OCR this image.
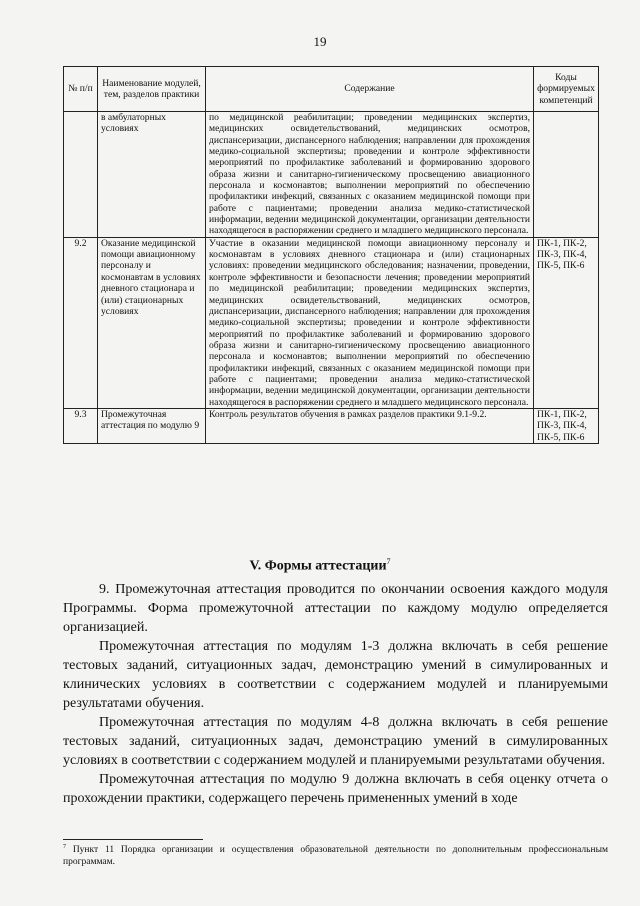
19
№ п/п	Наименование модулей, тем, разделов практики	Содержание	Коды формируемых компетенций
	в амбулаторных условиях	по медицинской реабилитации; проведении медицинских экспертиз, медицинских освидетельствований, медицинских осмотров, диспансеризации, диспансерного наблюдения; направлении для прохождения медико-социальной экспертизы; проведении и контроле эффективности мероприятий по профилактике заболеваний и формированию здорового образа жизни и санитарно-гигиеническому просвещению авиационного персонала и космонавтов; выполнении мероприятий по обеспечению профилактики инфекций, связанных с оказанием медицинской помощи при работе с пациентами; проведении анализа медико-статистической информации, ведении медицинской документации, организации деятельности находящегося в распоряжении среднего и младшего медицинского персонала.	
9.2	Оказание медицинской помощи авиационному персоналу и космонавтам в условиях дневного стационара и (или) стационарных условиях	Участие в оказании медицинской помощи авиационному персоналу и космонавтам в условиях дневного стационара и (или) стационарных условиях: проведении медицинского обследования; назначении, проведении, контроле эффективности и безопасности лечения; проведении мероприятий по медицинской реабилитации; проведении медицинских экспертиз, медицинских освидетельствований, медицинских осмотров, диспансеризации, диспансерного наблюдения; направлении для прохождения медико-социальной экспертизы; проведении и контроле эффективности мероприятий по профилактике заболеваний и формированию здорового образа жизни и санитарно-гигиеническому просвещению авиационного персонала и космонавтов; выполнении мероприятий по обеспечению профилактики инфекций, связанных с оказанием медицинской помощи при работе с пациентами; проведении анализа медико-статистической информации, ведении медицинской документации, организации деятельности находящегося в распоряжении среднего и младшего медицинского персонала.	ПК-1, ПК-2, ПК-3, ПК-4, ПК-5, ПК-6
9.3	Промежуточная аттестация по модулю 9	Контроль результатов обучения в рамках разделов практики 9.1-9.2.	ПК-1, ПК-2, ПК-3, ПК-4, ПК-5, ПК-6
V. Формы аттестации$^7$

9. Промежуточная аттестация проводится по окончании освоения каждого модуля Программы. Форма промежуточной аттестации по каждому модулю определяется организацией.

Промежуточная аттестация по модулям 1-3 должна включать в себя решение тестовых заданий, ситуационных задач, демонстрацию умений в симулированных и клинических условиях в соответствии с содержанием модулей и планируемыми результатами обучения.

Промежуточная аттестация по модулям 4-8 должна включать в себя решение тестовых заданий, ситуационных задач, демонстрацию умений в симулированных условиях в соответствии с содержанием модулей и планируемыми результатами обучения.

Промежуточная аттестация по модулю 9 должна включать в себя оценку отчета о прохождении практики, содержащего перечень примененных умений в ходе

$^7$ Пункт 11 Порядка организации и осуществления образовательной деятельности по дополнительным профессиональным программам.
